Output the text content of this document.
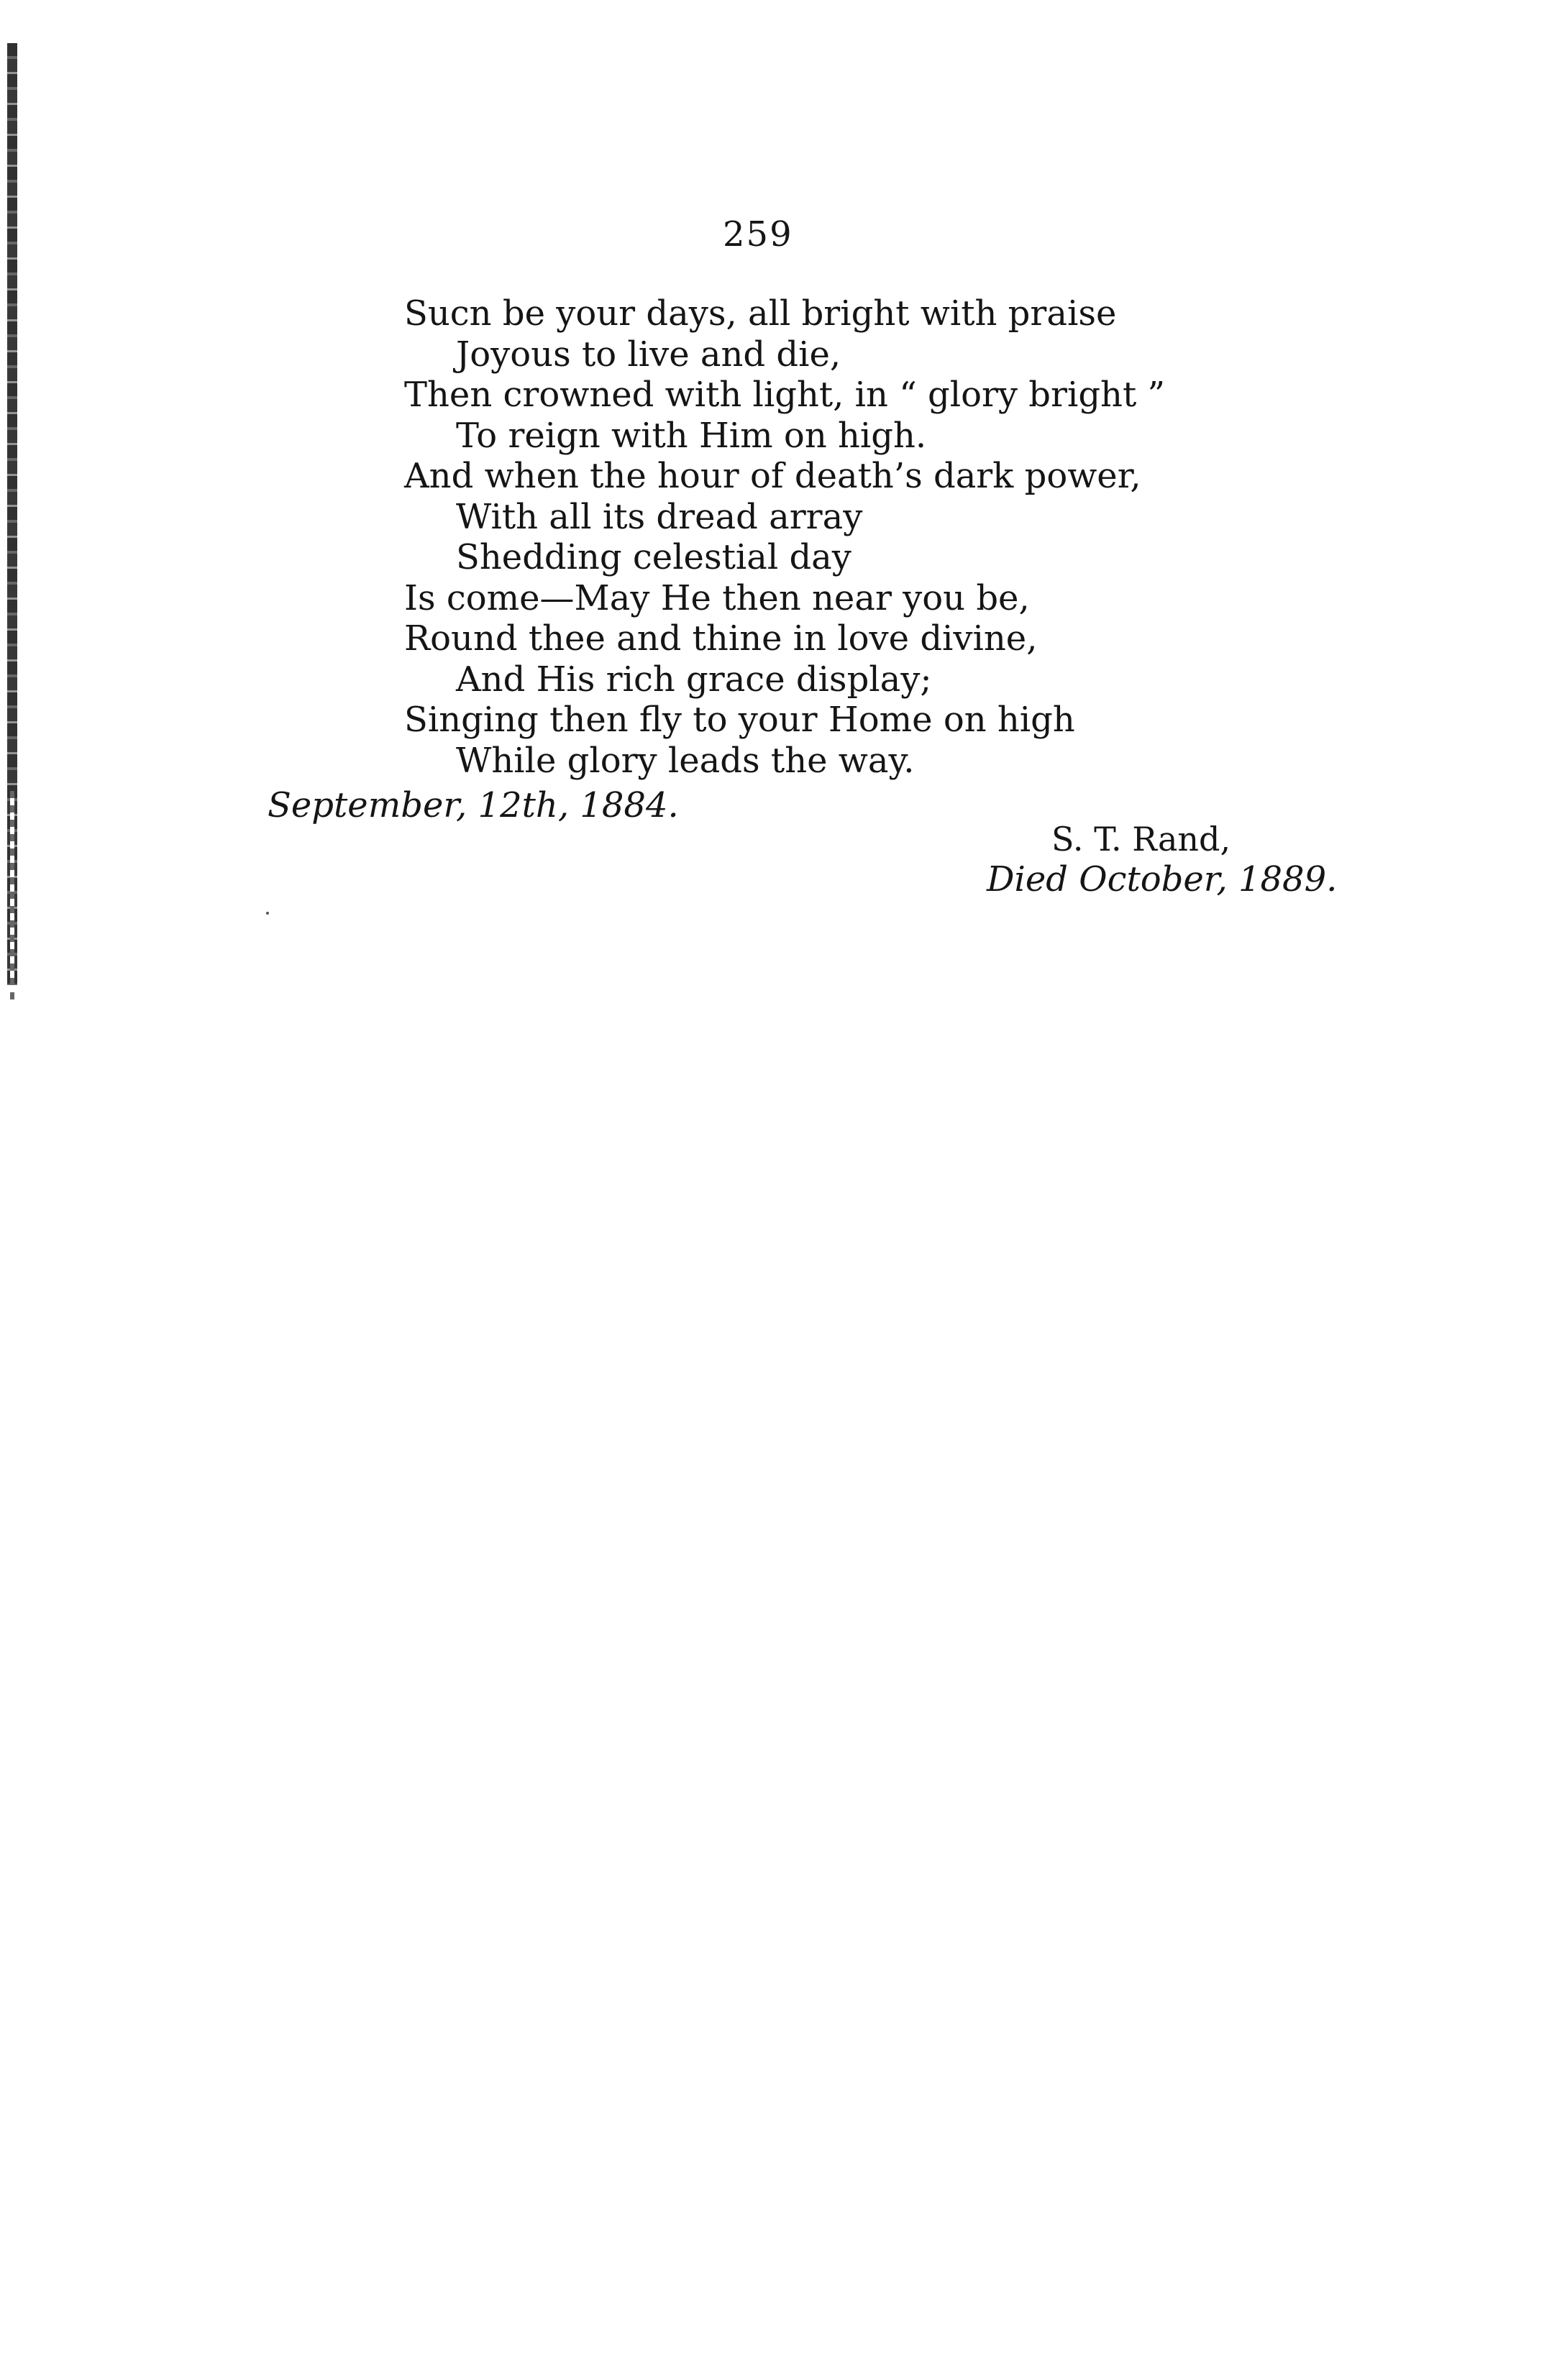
259
Sucn be your days, all bright with praise
Joyous to live and die,
Then crowned with light, in “ glory bright ”
To reign with Him on high.
And when the hour of death’s dark power,
With all its dread array
Shedding celestial day
Is come—May He then near you be,
Round thee and thine in love divine,
And His rich grace display;
Singing then fly to your Home on high
While glory leads the way.
September, 12th, 1884.
S. T. Rand,
Died October, 1889.
